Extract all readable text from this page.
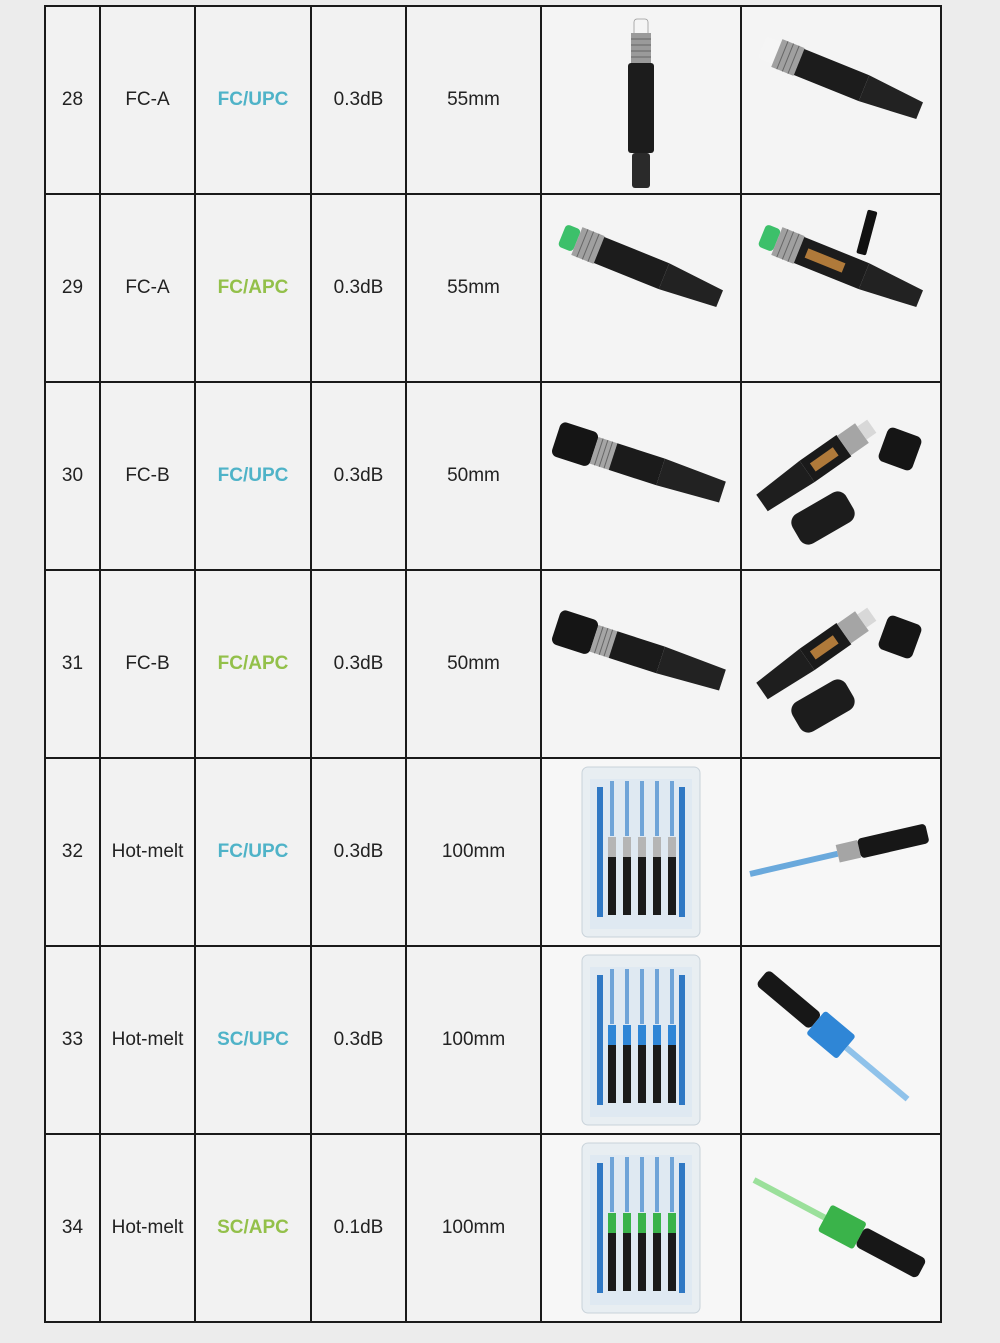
28	FC-A	FC/UPC	0.3dB	55mm	

29	FC-A	FC/APC	0.3dB	55mm	

30	FC-B	FC/UPC	0.3dB	50mm	

31	FC-B	FC/APC	0.3dB	50mm	

32	Hot-melt	FC/UPC	0.3dB	100mm	

33	Hot-melt	SC/UPC	0.3dB	100mm	

34	Hot-melt	SC/APC	0.1dB	100mm	
